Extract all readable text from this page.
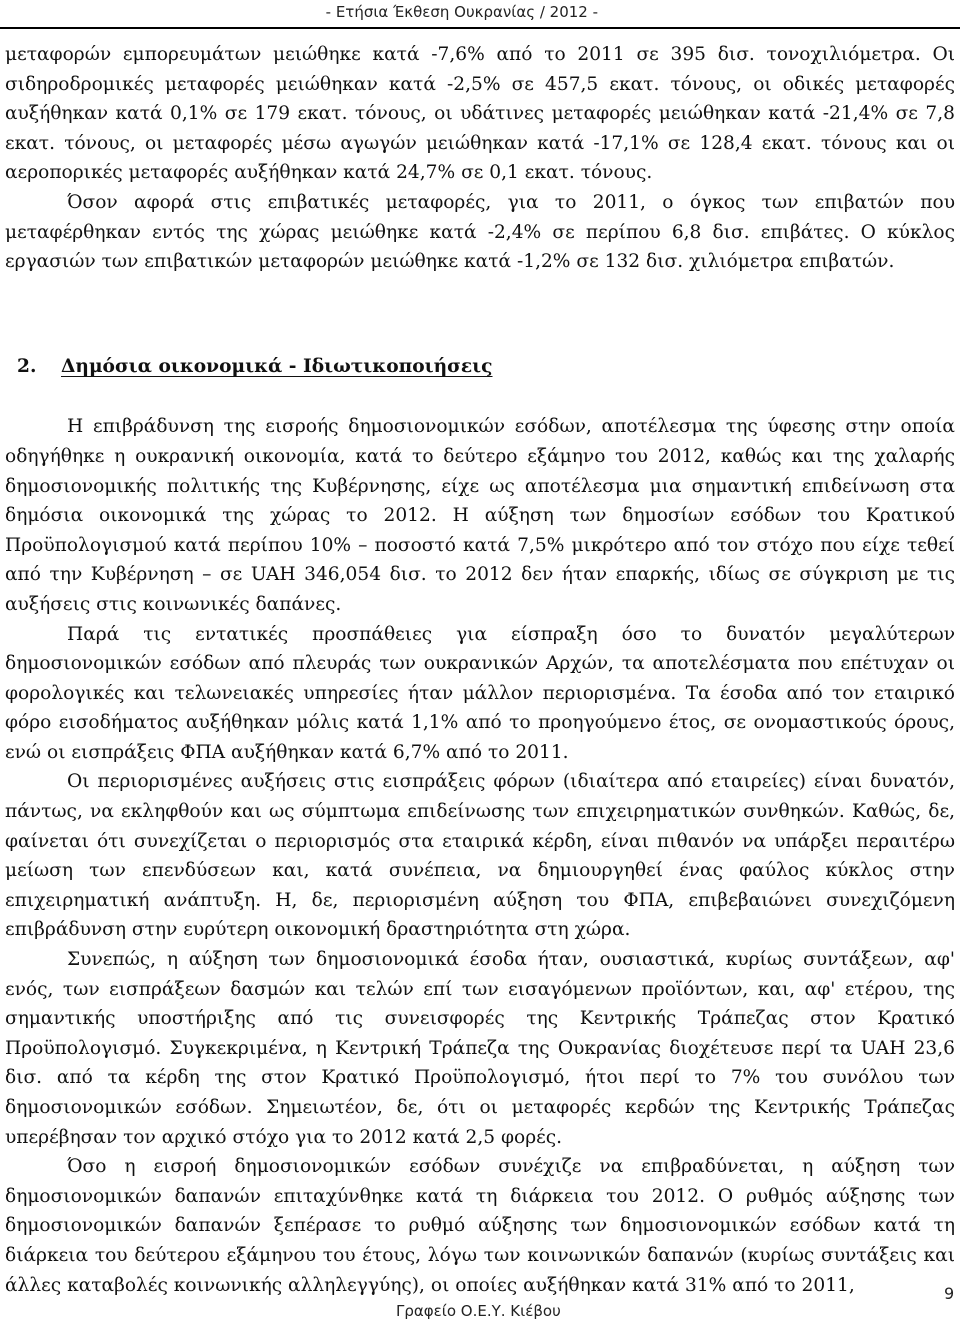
- Ετήσια Έκθεση Ουκρανίας / 2012 -

μεταφορών εμπορευμάτων μειώθηκε κατά -7,6% από το 2011 σε 395 δισ. τονοχιλιόμετρα. Οι σιδηροδρομικές μεταφορές μειώθηκαν κατά -2,5% σε 457,5 εκατ. τόνους, οι οδικές μεταφορές αυξήθηκαν κατά 0,1% σε 179 εκατ. τόνους, οι υδάτινες μεταφορές μειώθηκαν κατά -21,4% σε 7,8 εκατ. τόνους, οι μεταφορές μέσω αγωγών μειώθηκαν κατά -17,1% σε 128,4 εκατ. τόνους και οι αεροπορικές μεταφορές αυξήθηκαν κατά 24,7% σε 0,1 εκατ. τόνους.

Όσον αφορά στις επιβατικές μεταφορές, για το 2011, ο όγκος των επιβατών που μεταφέρθηκαν εντός της χώρας μειώθηκε κατά -2,4% σε περίπου 6,8 δισ. επιβάτες. Ο κύκλος εργασιών των επιβατικών μεταφορών μειώθηκε κατά -1,2% σε 132 δισ. χιλιόμετρα επιβατών.

2. Δημόσια οικονομικά - Ιδιωτικοποιήσεις

Η επιβράδυνση της εισροής δημοσιονομικών εσόδων, αποτέλεσμα της ύφεσης στην οποία οδηγήθηκε η ουκρανική οικονομία, κατά το δεύτερο εξάμηνο του 2012, καθώς και της χαλαρής δημοσιονομικής πολιτικής της Κυβέρνησης, είχε ως αποτέλεσμα μια σημαντική επιδείνωση στα δημόσια οικονομικά της χώρας το 2012. Η αύξηση των δημοσίων εσόδων του Κρατικού Προϋπολογισμού κατά περίπου 10% – ποσοστό κατά 7,5% μικρότερο από τον στόχο που είχε τεθεί από την Κυβέρνηση – σε UAH 346,054 δισ. το 2012 δεν ήταν επαρκής, ιδίως σε σύγκριση με τις αυξήσεις στις κοινωνικές δαπάνες.

Παρά τις εντατικές προσπάθειες για είσπραξη όσο το δυνατόν μεγαλύτερων δημοσιονομικών εσόδων από πλευράς των ουκρανικών Αρχών, τα αποτελέσματα που επέτυχαν οι φορολογικές και τελωνειακές υπηρεσίες ήταν μάλλον περιορισμένα. Τα έσοδα από τον εταιρικό φόρο εισοδήματος αυξήθηκαν μόλις κατά 1,1% από το προηγούμενο έτος, σε ονομαστικούς όρους, ενώ οι εισπράξεις ΦΠΑ αυξήθηκαν κατά 6,7% από το 2011.

Οι περιορισμένες αυξήσεις στις εισπράξεις φόρων (ιδιαίτερα από εταιρείες) είναι δυνατόν, πάντως, να εκληφθούν και ως σύμπτωμα επιδείνωσης των επιχειρηματικών συνθηκών. Καθώς, δε, φαίνεται ότι συνεχίζεται ο περιορισμός στα εταιρικά κέρδη, είναι πιθανόν να υπάρξει περαιτέρω μείωση των επενδύσεων και, κατά συνέπεια, να δημιουργηθεί ένας φαύλος κύκλος στην επιχειρηματική ανάπτυξη. Η, δε, περιορισμένη αύξηση του ΦΠΑ, επιβεβαιώνει συνεχιζόμενη επιβράδυνση στην ευρύτερη οικονομική δραστηριότητα στη χώρα.

Συνεπώς, η αύξηση των δημοσιονομικά έσοδα ήταν, ουσιαστικά, κυρίως συντάξεων, αφ' ενός, των εισπράξεων δασμών και τελών επί των εισαγόμενων προϊόντων, και, αφ' ετέρου, της σημαντικής υποστήριξης από τις συνεισφορές της Κεντρικής Τράπεζας στον Κρατικό Προϋπολογισμό. Συγκεκριμένα, η Κεντρική Τράπεζα της Ουκρανίας διοχέτευσε περί τα UAH 23,6 δισ. από τα κέρδη της στον Κρατικό Προϋπολογισμό, ήτοι περί το 7% του συνόλου των δημοσιονομικών εσόδων. Σημειωτέον, δε, ότι οι μεταφορές κερδών της Κεντρικής Τράπεζας υπερέβησαν τον αρχικό στόχο για το 2012 κατά 2,5 φορές.

Όσο η εισροή δημοσιονομικών εσόδων συνέχιζε να επιβραδύνεται, η αύξηση των δημοσιονομικών δαπανών επιταχύνθηκε κατά τη διάρκεια του 2012. Ο ρυθμός αύξησης των δημοσιονομικών δαπανών ξεπέρασε το ρυθμό αύξησης των δημοσιονομικών εσόδων κατά τη διάρκεια του δεύτερου εξάμηνου του έτους, λόγω των κοινωνικών δαπανών (κυρίως συντάξεις και άλλες καταβολές κοινωνικής αλληλεγγύης), οι οποίες αυξήθηκαν κατά 31% από το 2011,	9
Γραφείο Ο.Ε.Υ. Κιέβου
